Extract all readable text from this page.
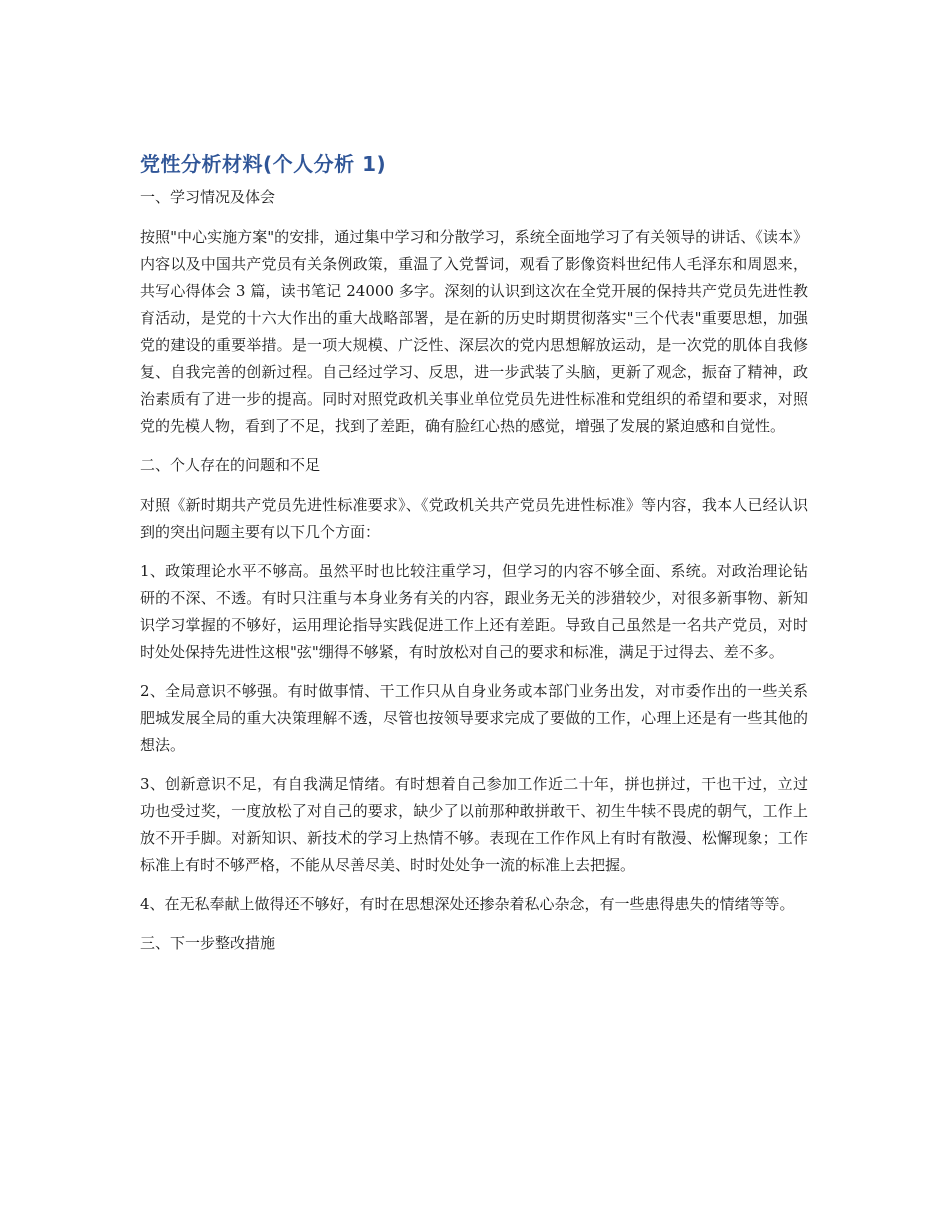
党性分析材料(个人分析 1)
一、学习情况及体会

按照"中心实施方案"的安排，通过集中学习和分散学习，系统全面地学习了有关领导的讲话、《读本》内容以及中国共产党员有关条例政策，重温了入党誓词，观看了影像资料世纪伟人毛泽东和周恩来，共写心得体会 3 篇，读书笔记 24000 多字。深刻的认识到这次在全党开展的保持共产党员先进性教育活动，是党的十六大作出的重大战略部署，是在新的历史时期贯彻落实"三个代表"重要思想，加强党的建设的重要举措。是一项大规模、广泛性、深层次的党内思想解放运动，是一次党的肌体自我修复、自我完善的创新过程。自己经过学习、反思，进一步武装了头脑，更新了观念，振奋了精神，政治素质有了进一步的提高。同时对照党政机关事业单位党员先进性标准和党组织的希望和要求，对照党的先模人物，看到了不足，找到了差距，确有脸红心热的感觉，增强了发展的紧迫感和自觉性。

二、个人存在的问题和不足

对照《新时期共产党员先进性标准要求》、《党政机关共产党员先进性标准》等内容，我本人已经认识到的突出问题主要有以下几个方面：

1、政策理论水平不够高。虽然平时也比较注重学习，但学习的内容不够全面、系统。对政治理论钻研的不深、不透。有时只注重与本身业务有关的内容，跟业务无关的涉猎较少，对很多新事物、新知识学习掌握的不够好，运用理论指导实践促进工作上还有差距。导致自己虽然是一名共产党员，对时时处处保持先进性这根"弦"绷得不够紧，有时放松对自己的要求和标准，满足于过得去、差不多。

2、全局意识不够强。有时做事情、干工作只从自身业务或本部门业务出发，对市委作出的一些关系肥城发展全局的重大决策理解不透，尽管也按领导要求完成了要做的工作，心理上还是有一些其他的想法。

3、创新意识不足，有自我满足情绪。有时想着自己参加工作近二十年，拼也拼过，干也干过，立过功也受过奖，一度放松了对自己的要求，缺少了以前那种敢拼敢干、初生牛犊不畏虎的朝气，工作上放不开手脚。对新知识、新技术的学习上热情不够。表现在工作作风上有时有散漫、松懈现象；工作标准上有时不够严格，不能从尽善尽美、时时处处争一流的标准上去把握。

4、在无私奉献上做得还不够好，有时在思想深处还掺杂着私心杂念，有一些患得患失的情绪等等。

三、下一步整改措施
